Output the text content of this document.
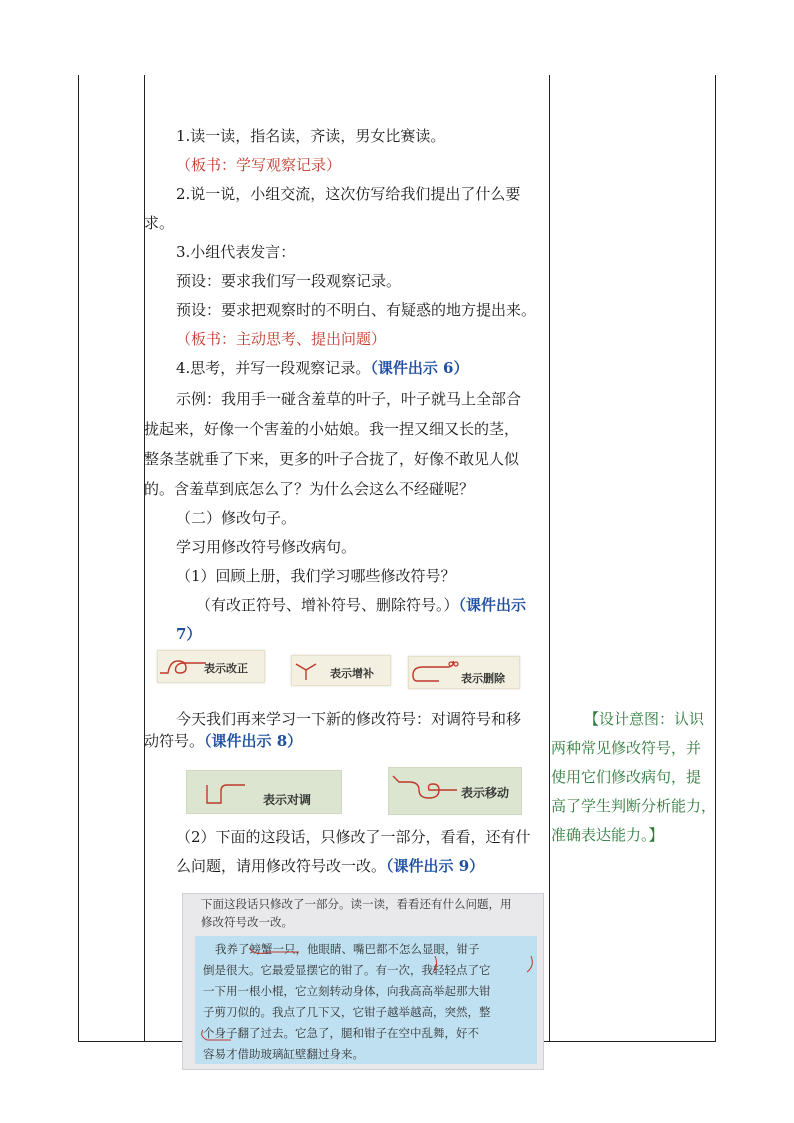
1.读一读，指名读，齐读，男女比赛读。
（板书：学写观察记录）
2.说一说，小组交流，这次仿写给我们提出了什么要
求。
3.小组代表发言：
预设：要求我们写一段观察记录。
预设：要求把观察时的不明白、有疑惑的地方提出来。
（板书：主动思考、提出问题）
4.思考，并写一段观察记录。（课件出示 6）
示例：我用手一碰含羞草的叶子，叶子就马上全部合
拢起来，好像一个害羞的小姑娘。我一捏又细又长的茎，
整条茎就垂了下来，更多的叶子合拢了，好像不敢见人似
的。含羞草到底怎么了？为什么会这么不经碰呢？
（二）修改句子。
学习用修改符号修改病句。
（1）回顾上册，我们学习哪些修改符号？
（有改正符号、增补符号、删除符号。）（课件出示
7）
表示改正	表示增补	表示删除
今天我们再来学习一下新的修改符号：对调符号和移
动符号。（课件出示 8）
表示对调	表示移动
（2）下面的这段话，只修改了一部分，看看，还有什
么问题，请用修改符号改一改。（课件出示 9）
【设计意图：认识
两种常见修改符号，并
使用它们修改病句，提
高了学生判断分析能力，
准确表达能力。】
下面这段话只修改了一部分。读一读，看看还有什么问题，用
修改符号改一改。
我养了螃蟹一只，他眼睛、嘴巴都不怎么显眼，钳子
倒是很大。它最爱显摆它的钳了。有一次，我轻轻点了它
一下用一根小棍，它立刻转动身体，向我高高举起那大钳
子剪刀似的。我点了几下又，它钳子越举越高，突然，整
个身子翻了过去。它急了，腿和钳子在空中乱舞，好不
容易才借助玻璃缸壁翻过身来。
